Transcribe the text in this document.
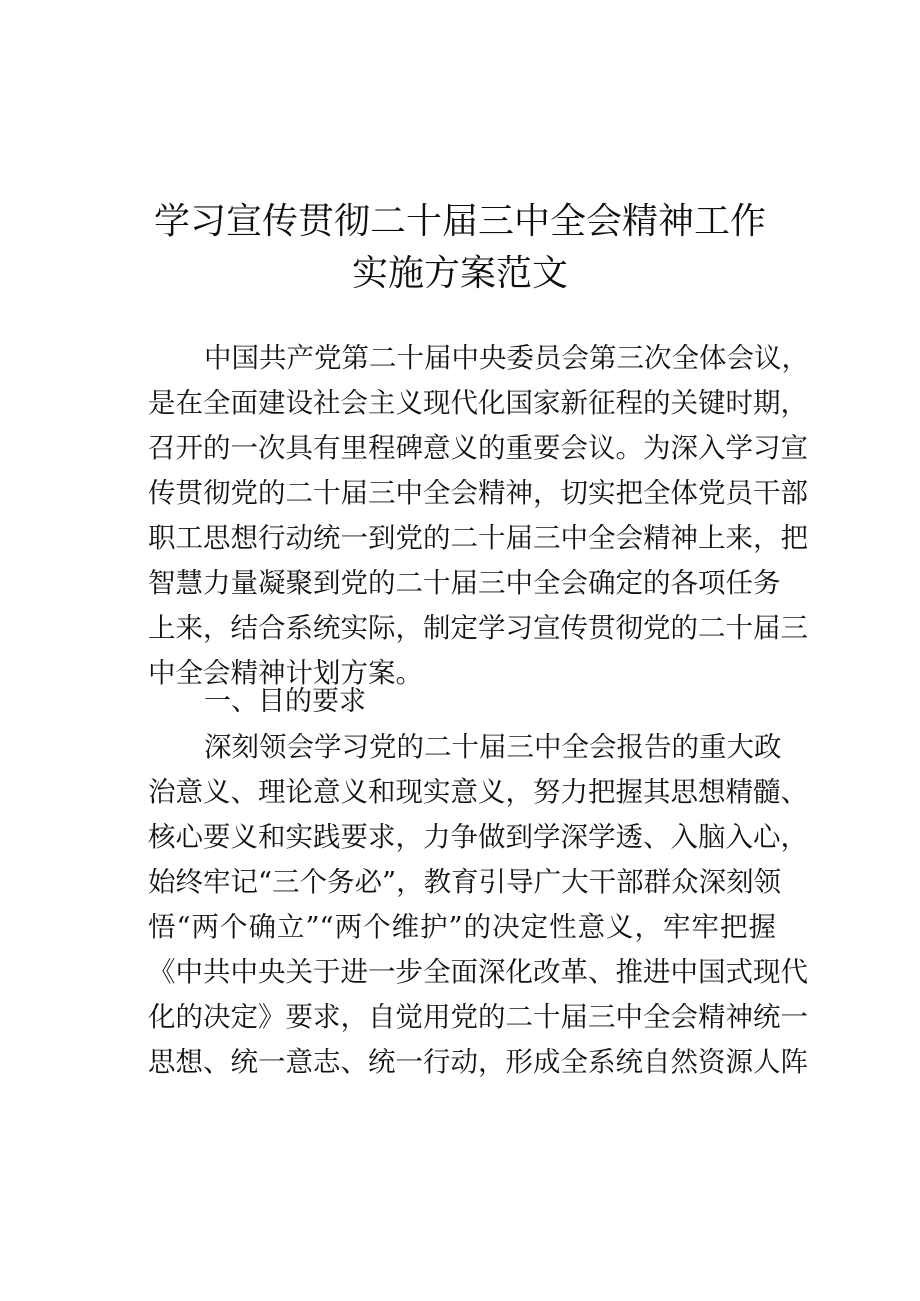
学习宣传贯彻二十届三中全会精神工作
实施方案范文
中国共产党第二十届中央委员会第三次全体会议，
是在全面建设社会主义现代化国家新征程的关键时期，
召开的一次具有里程碑意义的重要会议。为深入学习宣
传贯彻党的二十届三中全会精神，切实把全体党员干部
职工思想行动统一到党的二十届三中全会精神上来，把
智慧力量凝聚到党的二十届三中全会确定的各项任务
上来，结合系统实际，制定学习宣传贯彻党的二十届三
中全会精神计划方案。
一、目的要求
深刻领会学习党的二十届三中全会报告的重大政
治意义、理论意义和现实意义，努力把握其思想精髓、
核心要义和实践要求，力争做到学深学透、入脑入心，
始终牢记“三个务必”，教育引导广大干部群众深刻领
悟“两个确立”“两个维护”的决定性意义，牢牢把握
《中共中央关于进一步全面深化改革、推进中国式现代
化的决定》要求，自觉用党的二十届三中全会精神统一
思想、统一意志、统一行动，形成全系统自然资源人阵
